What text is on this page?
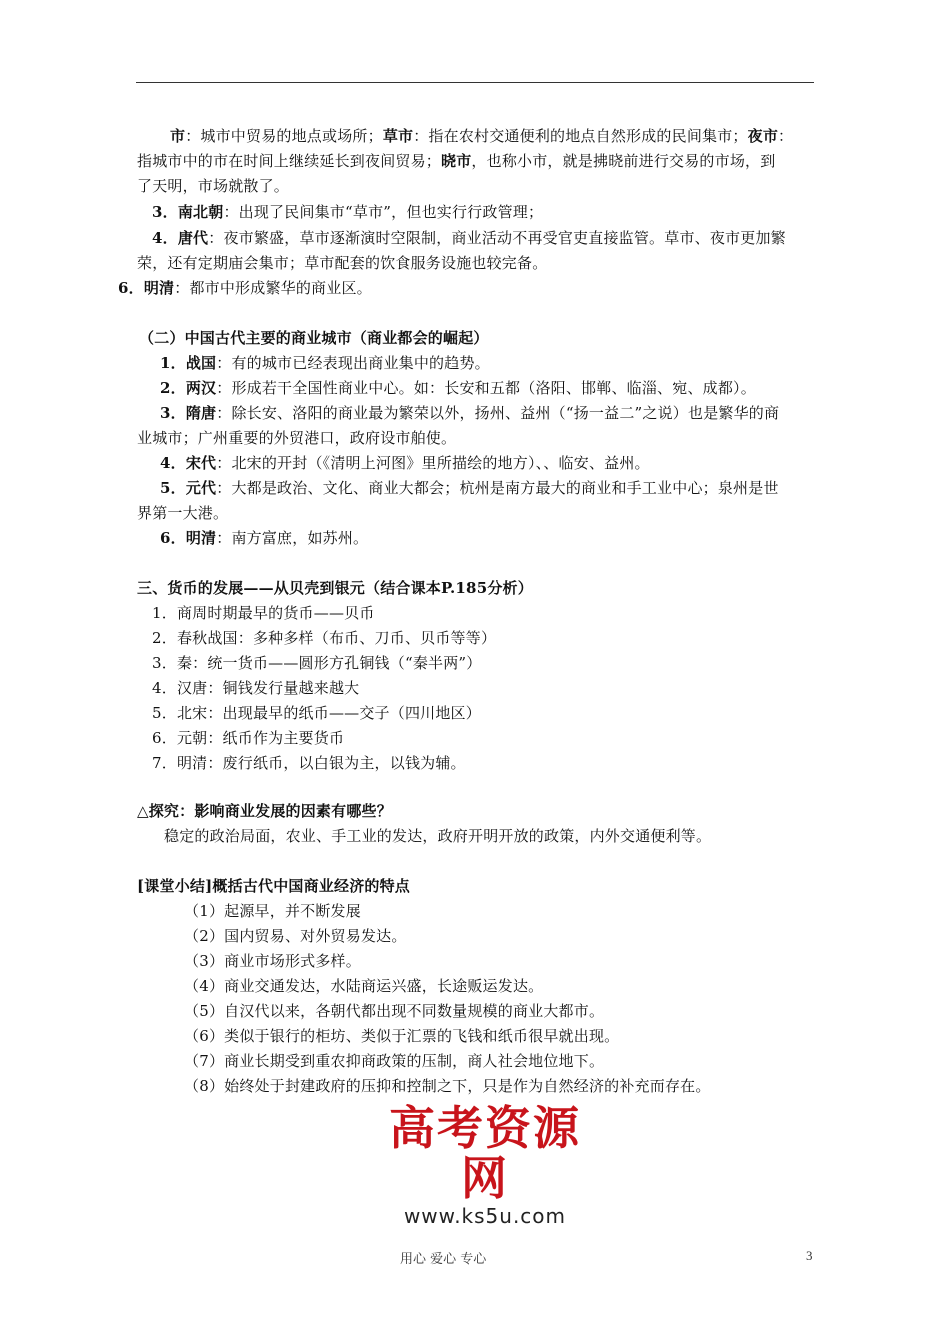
市：城市中贸易的地点或场所；草市：指在农村交通便利的地点自然形成的民间集市；夜市：
指城市中的市在时间上继续延长到夜间贸易；晓市，也称小市，就是拂晓前进行交易的市场，到
了天明，市场就散了。
3．南北朝：出现了民间集市“草市”，但也实行行政管理；
4．唐代：夜市繁盛，草市逐渐演时空限制，商业活动不再受官吏直接监管。草市、夜市更加繁
荣，还有定期庙会集市；草市配套的饮食服务设施也较完备。
6．明清：都市中形成繁华的商业区。
（二）中国古代主要的商业城市（商业都会的崛起）
1．战国：有的城市已经表现出商业集中的趋势。
2．两汉：形成若干全国性商业中心。如：长安和五都（洛阳、邯郸、临淄、宛、成都）。
3．隋唐：除长安、洛阳的商业最为繁荣以外，扬州、益州（“扬一益二”之说）也是繁华的商
业城市；广州重要的外贸港口，政府设市舶使。
4．宋代：北宋的开封（《清明上河图》里所描绘的地方）、、临安、益州。
5．元代：大都是政治、文化、商业大都会；杭州是南方最大的商业和手工业中心；泉州是世
界第一大港。
6．明清：南方富庶，如苏州。
三、货币的发展——从贝壳到银元（结合课本P.185分析）
1．商周时期最早的货币——贝币
2．春秋战国：多种多样（布币、刀币、贝币等等）
3．秦：统一货币——圆形方孔铜钱（“秦半两”）
4．汉唐：铜钱发行量越来越大
5．北宋：出现最早的纸币——交子（四川地区）
6．元朝：纸币作为主要货币
7．明清：废行纸币，以白银为主，以钱为辅。
△探究：影响商业发展的因素有哪些？
稳定的政治局面，农业、手工业的发达，政府开明开放的政策，内外交通便利等。
[课堂小结]概括古代中国商业经济的特点
（1）起源早，并不断发展
（2）国内贸易、对外贸易发达。
（3）商业市场形式多样。
（4）商业交通发达，水陆商运兴盛，长途贩运发达。
（5）自汉代以来，各朝代都出现不同数量规模的商业大都市。
（6）类似于银行的柜坊、类似于汇票的飞钱和纸币很早就出现。
（7）商业长期受到重农抑商政策的压制，商人社会地位地下。
（8）始终处于封建政府的压抑和控制之下，只是作为自然经济的补充而存在。
高考资源网
www.ks5u.com
用心 爱心 专心	3
